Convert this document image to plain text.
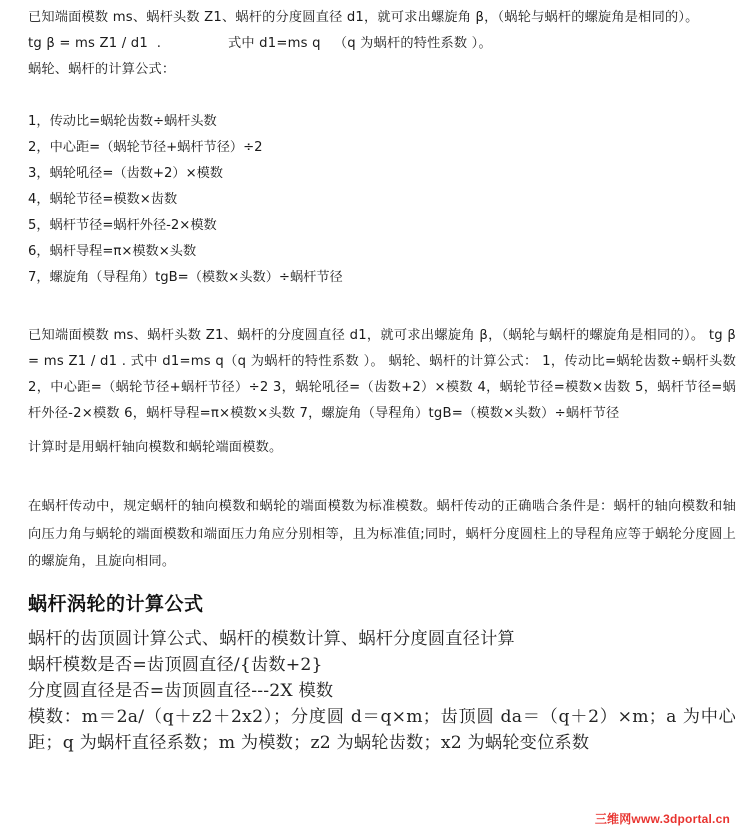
已知端面模数 ms、蜗杆头数 Z1、蜗杆的分度圆直径 d1，就可求出螺旋角 β，（蜗轮与蜗杆的螺旋角是相同的）。

tg β = ms Z1 / d1  .	式中 d1=ms q   （q 为蜗杆的特性系数 ）。

蜗轮、蜗杆的计算公式：

1，传动比=蜗轮齿数÷蜗杆头数

2，中心距=（蜗轮节径+蜗杆节径）÷2

3，蜗轮吼径=（齿数+2）×模数

4，蜗轮节径=模数×齿数

5，蜗杆节径=蜗杆外径-2×模数

6，蜗杆导程=π×模数×头数

7，螺旋角（导程角）tgB=（模数×头数）÷蜗杆节径

已知端面模数 ms、蜗杆头数 Z1、蜗杆的分度圆直径 d1，就可求出螺旋角 β，（蜗轮与蜗杆的螺旋角是相同的）。 tg β = ms Z1 / d1 . 式中 d1=ms q（q 为蜗杆的特性系数 ）。 蜗轮、蜗杆的计算公式： 1，传动比=蜗轮齿数÷蜗杆头数 2，中心距=（蜗轮节径+蜗杆节径）÷2 3，蜗轮吼径=（齿数+2）×模数 4，蜗轮节径=模数×齿数 5，蜗杆节径=蜗杆外径-2×模数 6，蜗杆导程=π×模数×头数 7，螺旋角（导程角）tgB=（模数×头数）÷蜗杆节径

计算时是用蜗杆轴向模数和蜗轮端面模数。

在蜗杆传动中，规定蜗杆的轴向模数和蜗轮的端面模数为标准模数。蜗杆传动的正确啮合条件是：蜗杆的轴向模数和轴向压力角与蜗轮的端面模数和端面压力角应分别相等，且为标准值;同时，蜗杆分度圆柱上的导程角应等于蜗轮分度圆上的螺旋角，且旋向相同。

蜗杆涡轮的计算公式

蜗杆的齿顶圆计算公式、蜗杆的模数计算、蜗杆分度圆直径计算

蜗杆模数是否=齿顶圆直径/{齿数+2}

分度圆直径是否=齿顶圆直径---2X 模数

模数：m＝2a/（q＋z2＋2x2）；分度圆 d＝q×m；齿顶圆 da＝（q＋2）×m；a 为中心距；q 为蜗杆直径系数；m 为模数；z2 为蜗轮齿数；x2 为蜗轮变位系数

三维网www.3dportal.cn
